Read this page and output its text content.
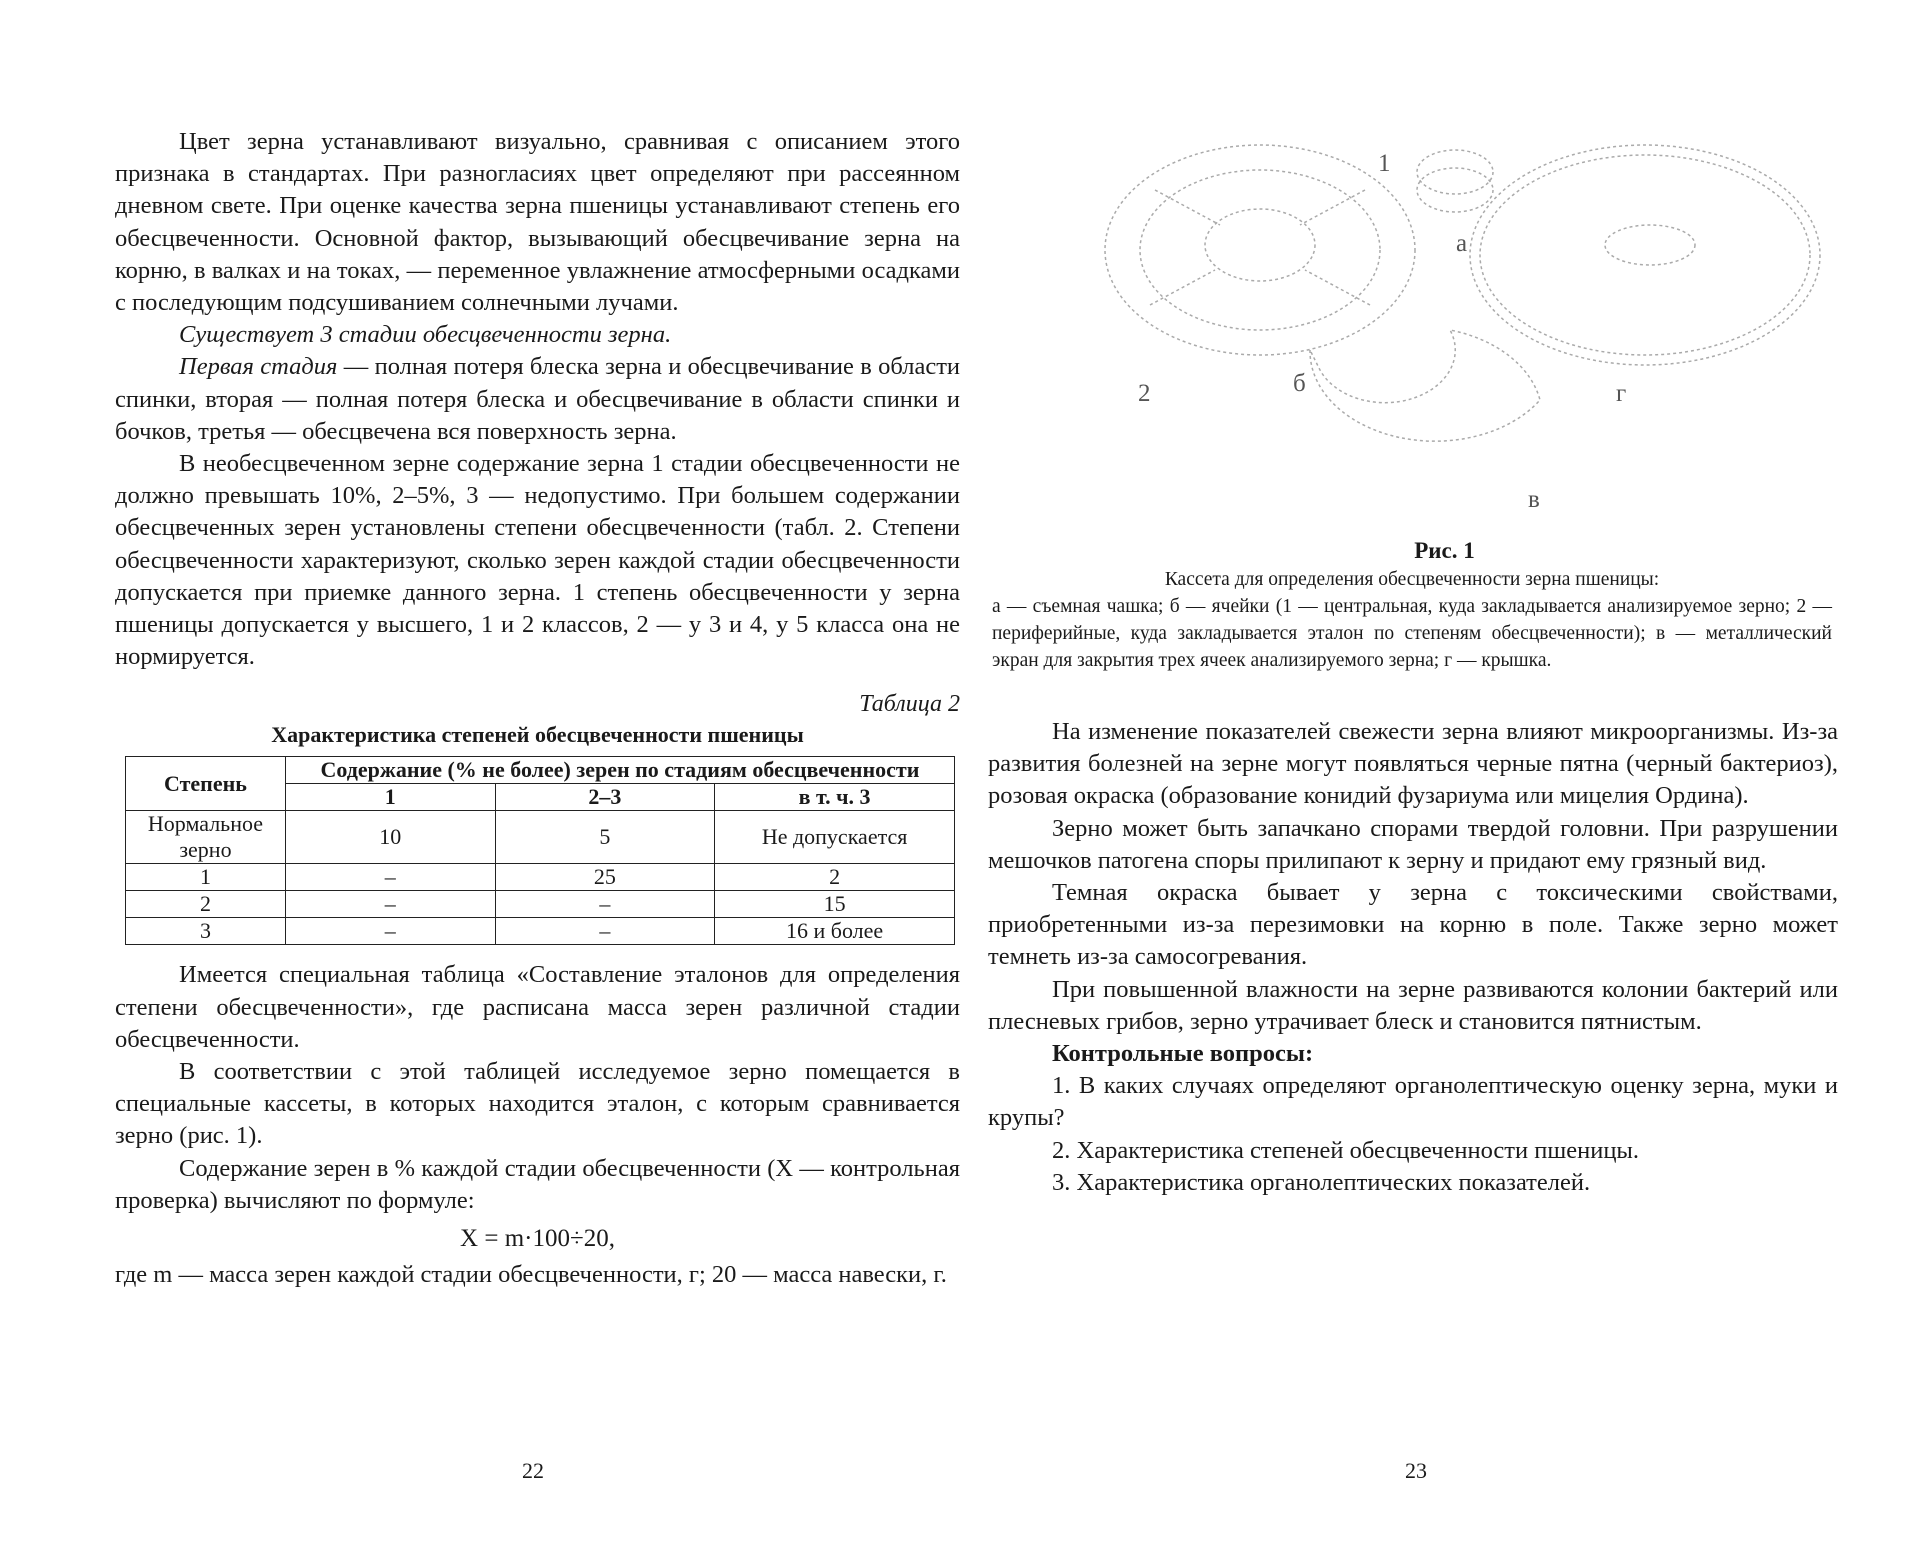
Цвет зерна устанавливают визуально, сравнивая с описанием этого признака в стандартах. При разногласиях цвет определяют при рассеянном дневном свете. При оценке качества зерна пшеницы устанавливают степень его обесцвеченности. Основной фактор, вызывающий обесцвечивание зерна на корню, в валках и на токах, — переменное увлажнение атмосферными осадками с последующим подсушиванием солнечными лучами.

Существует 3 стадии обесцвеченности зерна.

Первая стадия — полная потеря блеска зерна и обесцвечивание в области спинки, вторая — полная потеря блеска и обесцвечивание в области спинки и бочков, третья — обесцвечена вся поверхность зерна.

В необесцвеченном зерне содержание зерна 1 стадии обесцвеченности не должно превышать 10%, 2–5%, 3 — недопустимо. При большем содержании обесцвеченных зерен установлены степени обесцвеченности (табл. 2. Степени обесцвеченности характеризуют, сколько зерен каждой стадии обесцвеченности допускается при приемке данного зерна. 1 степень обесцвеченности у зерна пшеницы допускается у высшего, 1 и 2 классов, 2 — у 3 и 4, у 5 класса она не нормируется.

Таблица 2
Характеристика степеней обесцвеченности пшеницы
Степень	Содержание (% не более) зерен по стадиям обесцвеченности		
	1	2–3	в т. ч. 3
Нормальное зерно	10	5	Не допускается
1	–	25	2
2	–	–	15
3	–	–	16 и более

Имеется специальная таблица «Составление эталонов для определения степени обесцвеченности», где расписана масса зерен различной стадии обесцвеченности.

В соответствии с этой таблицей исследуемое зерно помещается в специальные кассеты, в которых находится эталон, с которым сравнивается зерно (рис. 1).

Содержание зерен в % каждой стадии обесцвеченности (X — контрольная проверка) вычисляют по формуле:

X = m·100÷20,

где m — масса зерен каждой стадии обесцвеченности, г; 20 — масса навески, г.

22
1
а
2	б	г
в
Рис. 1
Кассета для определения обесцвеченности зерна пшеницы:
а — съемная чашка; б — ячейки (1 — центральная, куда закладывается анализируемое зерно; 2 — периферийные, куда закладывается эталон по степеням обесцвеченности); в — металлический экран для закрытия трех ячеек анализируемого зерна; г — крышка.

На изменение показателей свежести зерна влияют микроорганизмы. Из-за развития болезней на зерне могут появляться черные пятна (черный бактериоз), розовая окраска (образование конидий фузариума или мицелия Ордина).

Зерно может быть запачкано спорами твердой головни. При разрушении мешочков патогена споры прилипают к зерну и придают ему грязный вид.

Темная окраска бывает у зерна с токсическими свойствами, приобретенными из-за перезимовки на корню в поле. Также зерно может темнеть из-за самосогревания.

При повышенной влажности на зерне развиваются колонии бактерий или плесневых грибов, зерно утрачивает блеск и становится пятнистым.

Контрольные вопросы:

1. В каких случаях определяют органолептическую оценку зерна, муки и крупы?

2. Характеристика степеней обесцвеченности пшеницы.

3. Характеристика органолептических показателей.

23
